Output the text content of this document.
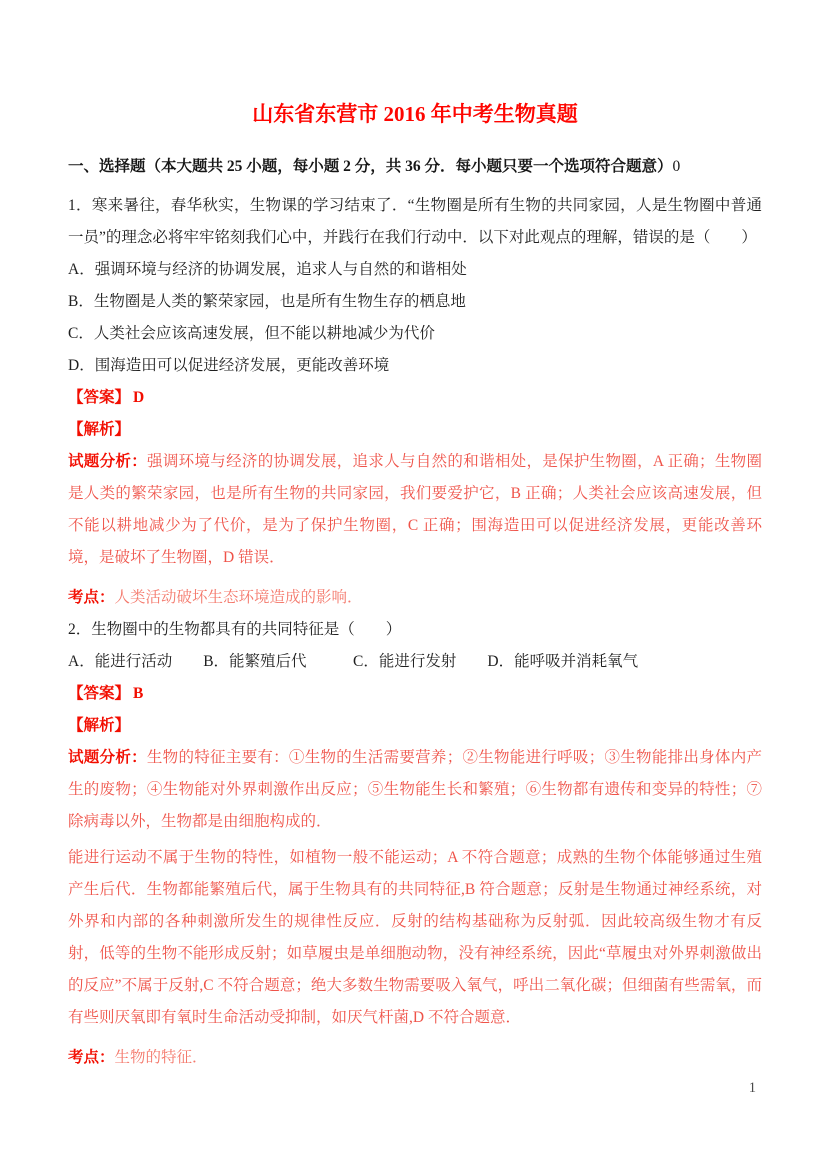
山东省东营市 2016 年中考生物真题

一、选择题（本大题共 25 小题，每小题 2 分，共 36 分．每小题只要一个选项符合题意）0

1．寒来暑往，春华秋实，生物课的学习结束了．“生物圈是所有生物的共同家园，人是生物圈中普通一员”的理念必将牢牢铭刻我们心中，并践行在我们行动中．以下对此观点的理解，错误的是（　　）

A．强调环境与经济的协调发展，追求人与自然的和谐相处

B．生物圈是人类的繁荣家园，也是所有生物生存的栖息地

C．人类社会应该高速发展，但不能以耕地减少为代价

D．围海造田可以促进经济发展，更能改善环境

【答案】 D

【解析】

试题分析：强调环境与经济的协调发展，追求人与自然的和谐相处，是保护生物圈，A 正确；生物圈是人类的繁荣家园，也是所有生物的共同家园，我们要爱护它，B 正确；人类社会应该高速发展，但不能以耕地减少为了代价，是为了保护生物圈，C 正确；围海造田可以促进经济发展，更能改善环境，是破坏了生物圈，D 错误．

考点：人类活动破坏生态环境造成的影响．

2．生物圈中的生物都具有的共同特征是（　　）

A．能进行活动　　B．能繁殖后代　　　C．能进行发射　　D．能呼吸并消耗氧气

【答案】 B

【解析】

试题分析：生物的特征主要有：①生物的生活需要营养；②生物能进行呼吸；③生物能排出身体内产生的废物；④生物能对外界刺激作出反应；⑤生物能生长和繁殖；⑥生物都有遗传和变异的特性；⑦除病毒以外，生物都是由细胞构成的．

能进行运动不属于生物的特性，如植物一般不能运动；A 不符合题意；成熟的生物个体能够通过生殖产生后代．生物都能繁殖后代，属于生物具有的共同特征,B 符合题意；反射是生物通过神经系统，对外界和内部的各种刺激所发生的规律性反应．反射的结构基础称为反射弧．因此较高级生物才有反射，低等的生物不能形成反射；如草履虫是单细胞动物，没有神经系统，因此“草履虫对外界刺激做出的反应”不属于反射,C 不符合题意；绝大多数生物需要吸入氧气，呼出二氧化碳；但细菌有些需氧，而有些则厌氧即有氧时生命活动受抑制，如厌气杆菌,D 不符合题意．

考点：生物的特征．

1
